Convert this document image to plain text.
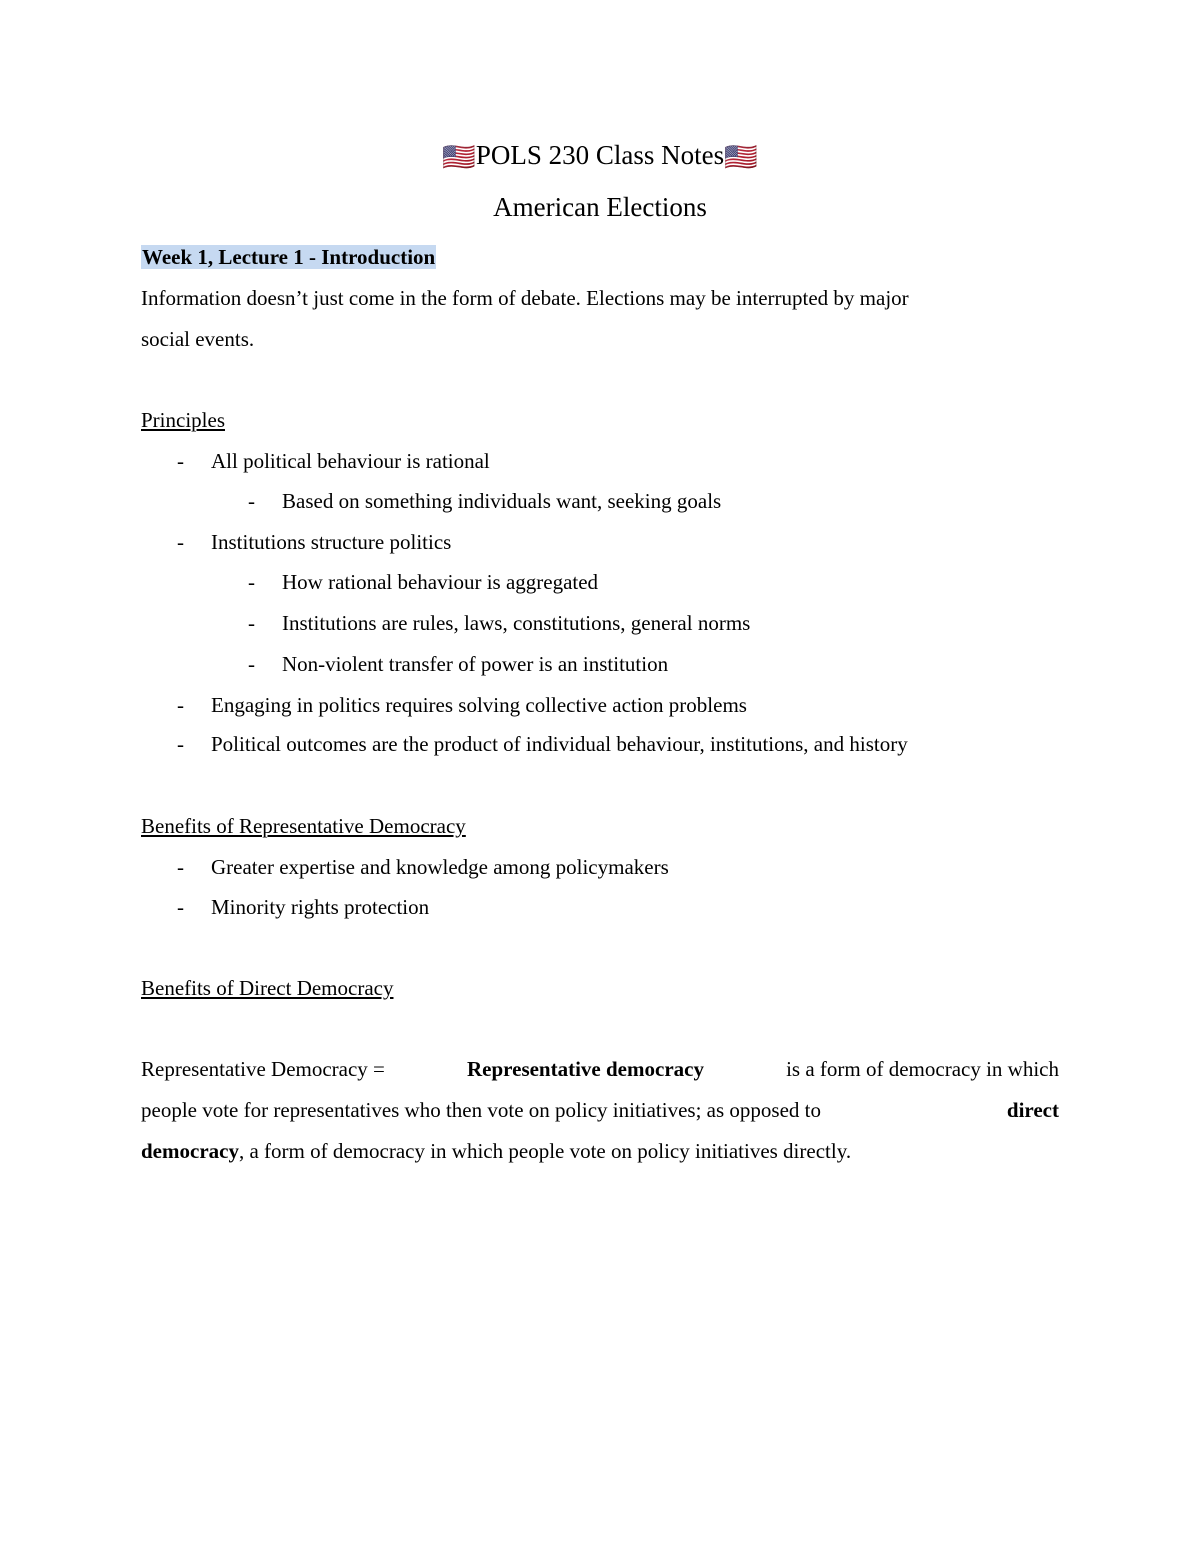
🇺🇸POLS 230 Class Notes🇺🇸
American Elections
Week 1, Lecture 1 - Introduction
Information doesn’t just come in the form of debate. Elections may be interrupted by major
social events.
Principles
- All political behaviour is rational
- Based on something individuals want, seeking goals
- Institutions structure politics
- How rational behaviour is aggregated
- Institutions are rules, laws, constitutions, general norms
- Non-violent transfer of power is an institution
- Engaging in politics requires solving collective action problems
- Political outcomes are the product of individual behaviour, institutions, and history
Benefits of Representative Democracy
- Greater expertise and knowledge among policymakers
- Minority rights protection
Benefits of Direct Democracy
Representative Democracy =	Representative democracy	is a form of democracy in which
people vote for representatives who then vote on policy initiatives; as opposed to	direct
democracy, a form of democracy in which people vote on policy initiatives directly.
